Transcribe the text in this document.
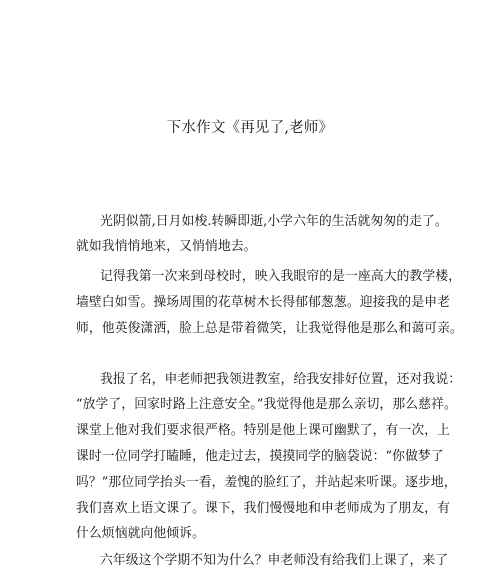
下水作文《再见了,老师》
光阴似箭,日月如梭.转瞬即逝,小学六年的生活就匆匆的走了。
就如我悄悄地来，又悄悄地去。
记得我第一次来到母校时，映入我眼帘的是一座高大的教学楼，
墙壁白如雪。操场周围的花草树木长得郁郁葱葱。迎接我的是申老
师，他英俊潇洒，脸上总是带着微笑，让我觉得他是那么和蔼可亲。
我报了名，申老师把我领进教室，给我安排好位置，还对我说：
“放学了，回家时路上注意安全。”我觉得他是那么亲切，那么慈祥。
课堂上他对我们要求很严格。特别是他上课可幽默了，有一次，上
课时一位同学打瞌睡，他走过去，摸摸同学的脑袋说：“你做梦了
吗？”那位同学抬头一看，羞愧的脸红了，并站起来听课。逐步地，
我们喜欢上语文课了。课下，我们慢慢地和申老师成为了朋友，有
什么烦恼就向他倾诉。
六年级这个学期不知为什么？申老师没有给我们上课了，来了
